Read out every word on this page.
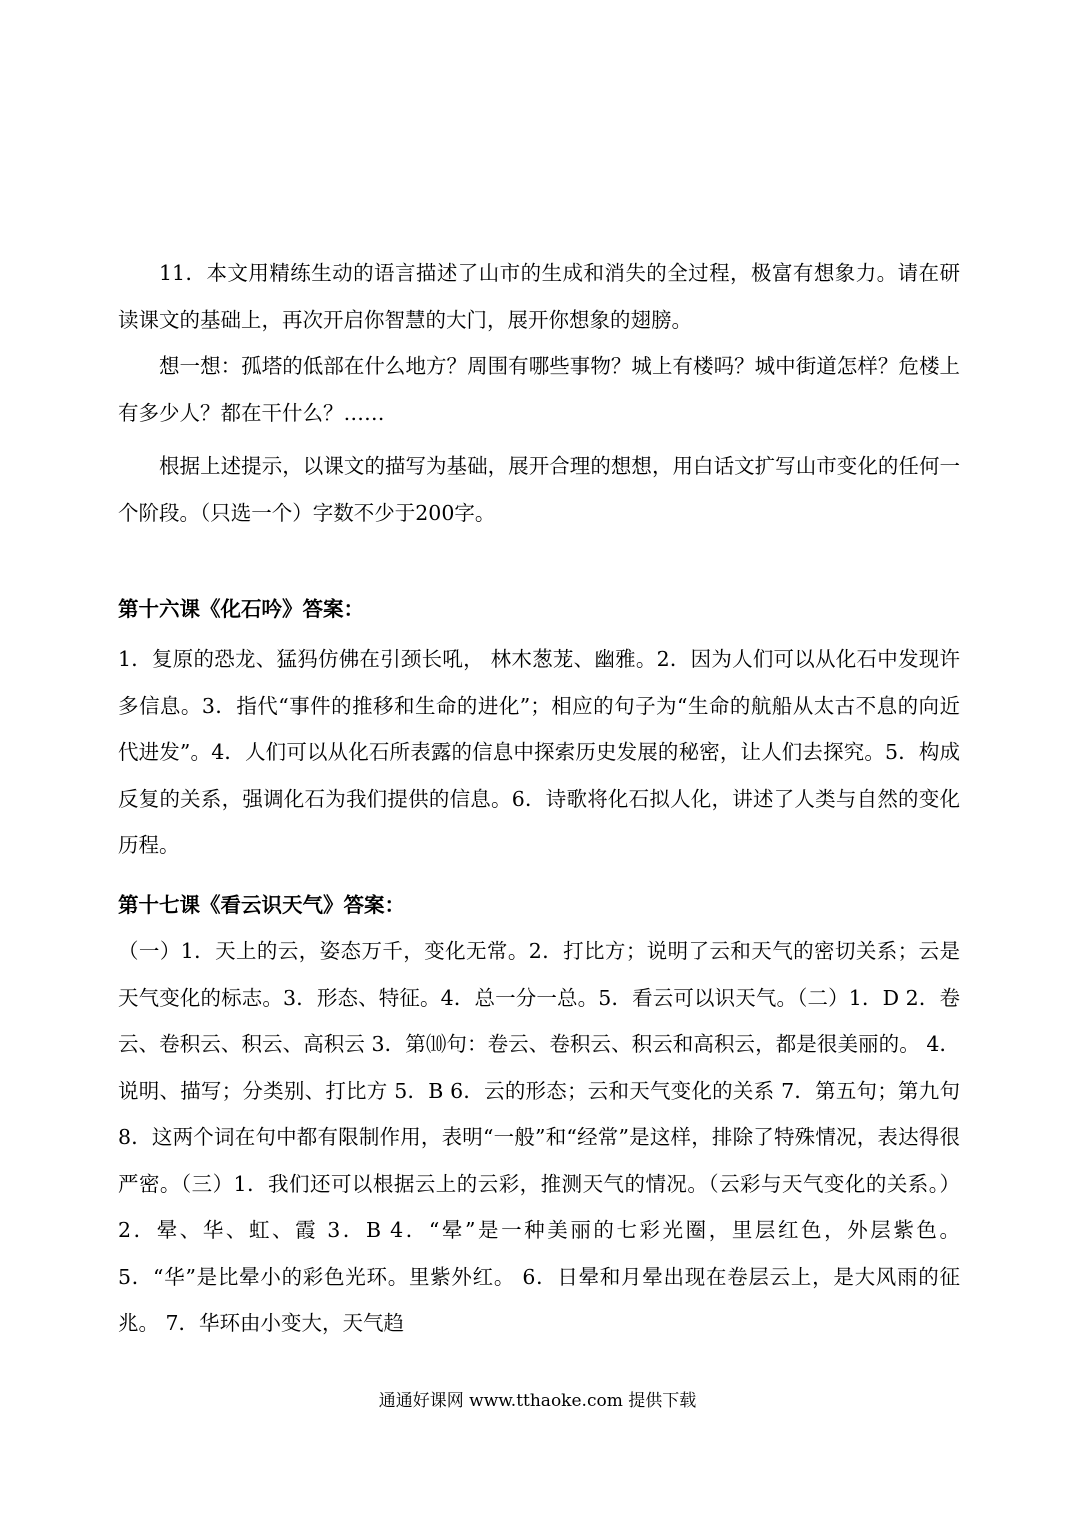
11．本文用精练生动的语言描述了山市的生成和消失的全过程，极富有想象力。请在研读课文的基础上，再次开启你智慧的大门，展开你想象的翅膀。

想一想：孤塔的低部在什么地方？周围有哪些事物？城上有楼吗？城中街道怎样？危楼上有多少人？都在干什么？……

根据上述提示，以课文的描写为基础，展开合理的想想，用白话文扩写山市变化的任何一个阶段。（只选一个）字数不少于200字。

第十六课《化石吟》答案：

1．复原的恐龙、猛犸仿佛在引颈长吼， 林木葱茏、幽雅。2．因为人们可以从化石中发现许多信息。3．指代“事件的推移和生命的进化”；相应的句子为“生命的航船从太古不息的向近代进发”。4．人们可以从化石所表露的信息中探索历史发展的秘密，让人们去探究。5．构成反复的关系，强调化石为我们提供的信息。6．诗歌将化石拟人化，讲述了人类与自然的变化历程。

第十七课《看云识天气》答案：

（一）1．天上的云，姿态万千，变化无常。2．打比方；说明了云和天气的密切关系；云是天气变化的标志。3．形态、特征。4．总一分一总。5．看云可以识天气。（二）1．D 2．卷云、卷积云、积云、高积云 3．第⑽句：卷云、卷积云、积云和高积云，都是很美丽的。 4．说明、描写；分类别、打比方 5．B 6．云的形态；云和天气变化的关系 7．第五句；第九句 8．这两个词在句中都有限制作用，表明“一般”和“经常”是这样，排除了特殊情况，表达得很严密。（三）1．我们还可以根据云上的云彩，推测天气的情况。（云彩与天气变化的关系。） 2．晕、华、虹、霞 3．B 4．“晕”是一种美丽的七彩光圈，里层红色，外层紫色。 5．“华”是比晕小的彩色光环。里紫外红。 6．日晕和月晕出现在卷层云上，是大风雨的征兆。 7．华环由小变大，天气趋

通通好课网 www.tthaoke.com 提供下载
